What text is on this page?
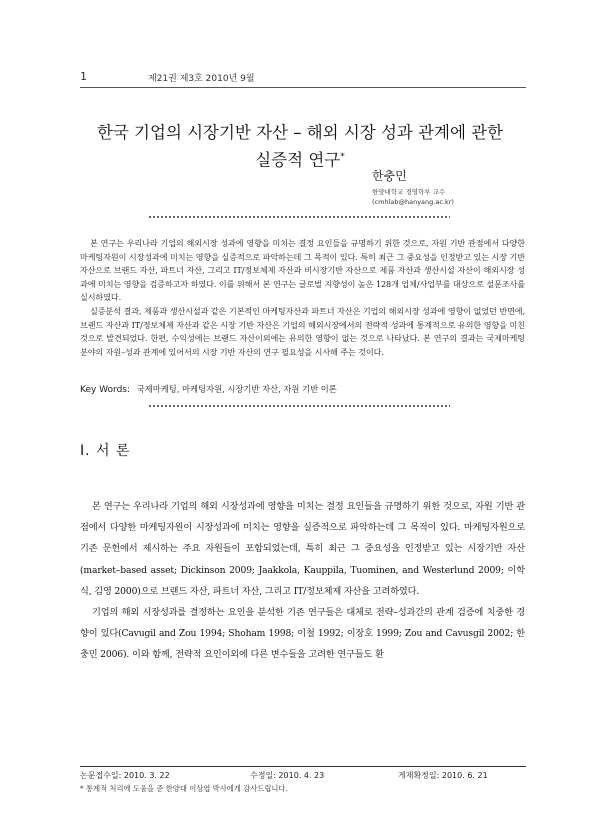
1	제21권 제3호 2010년 9월
한국 기업의 시장기반 자산 – 해외 시장 성과 관계에 관한
실증적 연구*
한충민
한양대학교 경영학부 교수
(cmhlab@hanyang.ac.kr)

본 연구는 우리나라 기업의 해외시장 성과에 영향을 미치는 결정 요인들을 규명하기 위한 것으로, 자원 기반 관점에서 다양한 마케팅자원이 시장성과에 미치는 영향을 실증적으로 파악하는데 그 목적이 있다. 특히 최근 그 중요성을 인정받고 있는 시장 기반 자산으로 브랜드 자산, 파트너 자산, 그리고 IT/정보체제 자산과 비시장기반 자산으로 제품 자산과 생산시설 자산이 해외시장 성과에 미치는 영향을 검증하고자 하였다. 이를 위해서 본 연구는 글로벌 지향성이 높은 128개 업체/사업부를 대상으로 설문조사를 실시하였다.

실증분석 결과, 제품과 생산시설과 같은 기본적인 마케팅자산과 파트너 자산은 기업의 해외시장 성과에 영향이 없었던 반면에, 브랜드 자산과 IT/정보체제 자산과 같은 시장 기반 자산은 기업의 해외시장에서의 전략적 성과에 통계적으로 유의한 영향을 미친 것으로 발견되었다. 한편, 수익성에는 브랜드 자산이외에는 유의한 영향이 없는 것으로 나타났다. 본 연구의 결과는 국제마케팅 분야의 자원–성과 관계에 있어서의 시장 기반 자산의 연구 필요성을 시사해 주는 것이다.

Key Words: 국제마케팅, 마케팅자원, 시장기반 자산, 자원 기반 이론
Ⅰ. 서 론

본 연구는 우리나라 기업의 해외 시장성과에 영향을 미치는 결정 요인들을 규명하기 위한 것으로, 자원 기반 관점에서 다양한 마케팅자원이 시장성과에 미치는 영향을 실증적으로 파악하는데 그 목적이 있다. 마케팅자원으로 기존 문헌에서 제시하는 주요 자원들이 포함되었는데, 특히 최근 그 중요성을 인정받고 있는 시장기반 자산(market–based asset; Dickinson 2009; Jaakkola, Kauppila, Tuominen, and Westerlund 2009; 이학식, 김영 2000)으로 브랜드 자산, 파트너 자산, 그리고 IT/정보체제 자산을 고려하였다.

기업의 해외 시장성과를 결정하는 요인을 분석한 기존 연구들은 대체로 전략–성과간의 관계 검증에 치중한 경향이 있다(Cavugil and Zou 1994; Shoham 1998; 이철 1992; 이장호 1999; Zou and Cavusgil 2002; 한충민 2006). 이와 함께, 전략적 요인이외에 다른 변수들을 고려한 연구들도 환

논문접수일: 2010. 3. 22	수정일: 2010. 4. 23	게재확정일: 2010. 6. 21
* 통계적 처리에 도움을 준 한양대 이상엽 박사에게 감사드립니다.
